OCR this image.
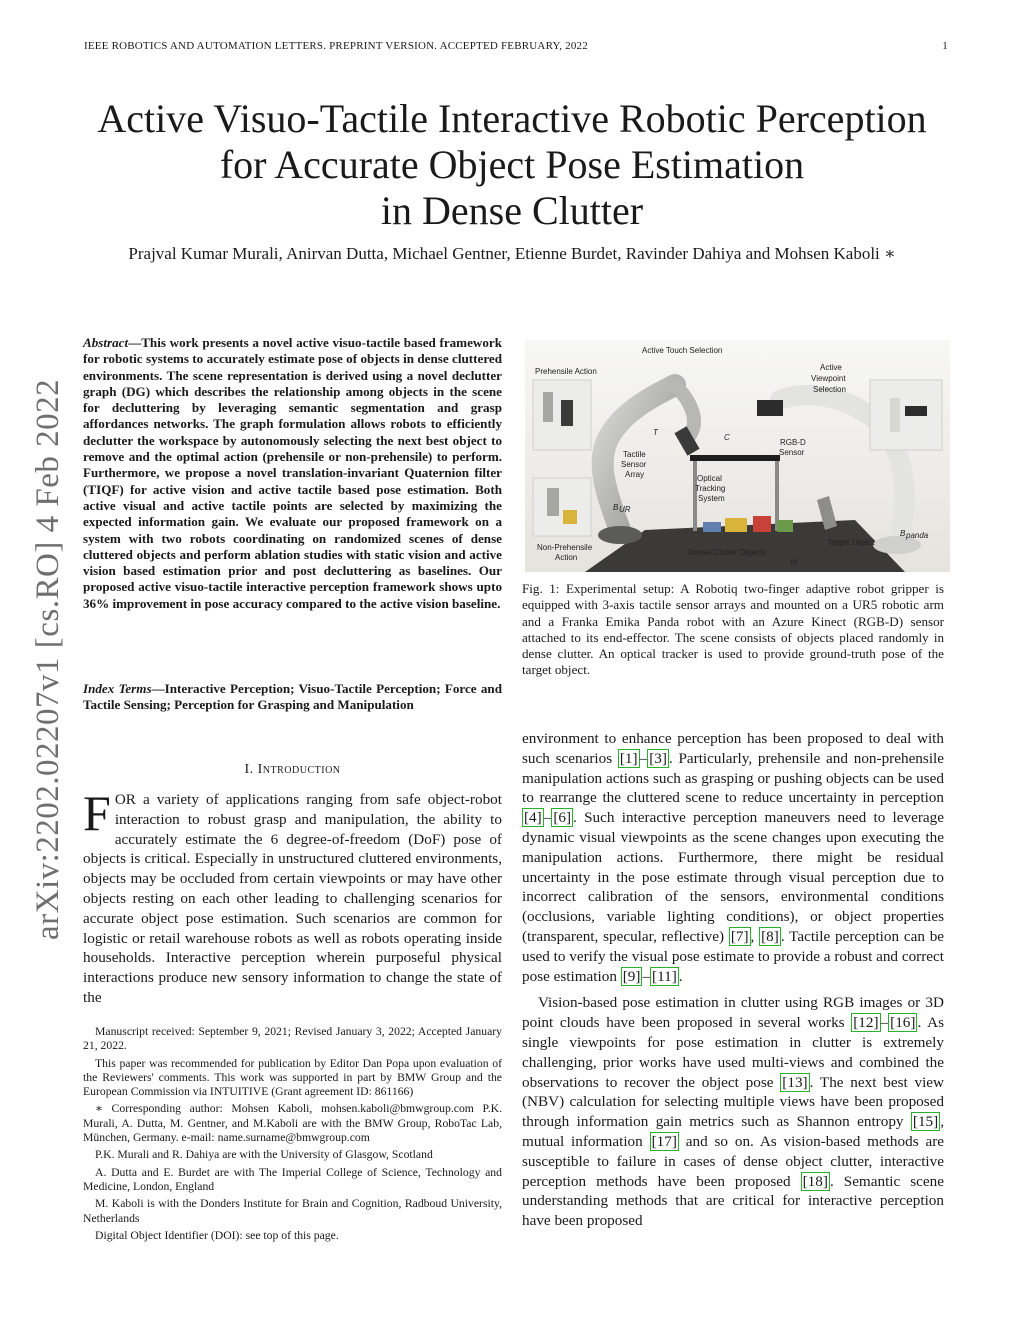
IEEE ROBOTICS AND AUTOMATION LETTERS. PREPRINT VERSION. ACCEPTED FEBRUARY, 2022	1
Active Visuo-Tactile Interactive Robotic Perception
for Accurate Object Pose Estimation
in Dense Clutter
Prajval Kumar Murali, Anirvan Dutta, Michael Gentner, Etienne Burdet, Ravinder Dahiya and Mohsen Kaboli ∗
arXiv:2202.02207v1 [cs.RO] 4 Feb 2022
Abstract—This work presents a novel active visuo-tactile based framework for robotic systems to accurately estimate pose of objects in dense cluttered environments. The scene representation is derived using a novel declutter graph (DG) which describes the relationship among objects in the scene for decluttering by leveraging semantic segmentation and grasp affordances networks. The graph formulation allows robots to efficiently declutter the workspace by autonomously selecting the next best object to remove and the optimal action (prehensile or non-prehensile) to perform. Furthermore, we propose a novel translation-invariant Quaternion filter (TIQF) for active vision and active tactile based pose estimation. Both active visual and active tactile points are selected by maximizing the expected information gain. We evaluate our proposed framework on a system with two robots coordinating on randomized scenes of dense cluttered objects and perform ablation studies with static vision and active vision based estimation prior and post decluttering as baselines. Our proposed active visuo-tactile interactive perception framework shows upto 36% improvement in pose accuracy compared to the active vision baseline.
Index Terms—Interactive Perception; Visuo-Tactile Perception; Force and Tactile Sensing; Perception for Grasping and Manipulation
I. Introduction
FOR a variety of applications ranging from safe object-robot interaction to robust grasp and manipulation, the ability to accurately estimate the 6 degree-of-freedom (DoF) pose of objects is critical. Especially in unstructured cluttered environments, objects may be occluded from certain viewpoints or may have other objects resting on each other leading to challenging scenarios for accurate object pose estimation. Such scenarios are common for logistic or retail warehouse robots as well as robots operating inside households. Interactive perception wherein purposeful physical interactions produce new sensory information to change the state of the

Manuscript received: September 9, 2021; Revised January 3, 2022; Accepted January 21, 2022.

This paper was recommended for publication by Editor Dan Popa upon evaluation of the Reviewers' comments. This work was supported in part by BMW Group and the European Commission via INTUITIVE (Grant agreement ID: 861166)

∗ Corresponding author: Mohsen Kaboli, mohsen.kaboli@bmwgroup.com P.K. Murali, A. Dutta, M. Gentner, and M.Kaboli are with the BMW Group, RoboTac Lab, München, Germany. e-mail: name.surname@bmwgroup.com

P.K. Murali and R. Dahiya are with the University of Glasgow, Scotland

A. Dutta and E. Burdet are with The Imperial College of Science, Technology and Medicine, London, England

M. Kaboli is with the Donders Institute for Brain and Cognition, Radboud University, Netherlands

Digital Object Identifier (DOI): see top of this page.

Active Touch Selection
Prehensile Action	Active
Viewpoint
Selection
Tactile
Sensor
Array
RGB-D
Sensor
Optical
Tracking
System
Non-Prehensile
Action
Dense Clutter Objects
Target Object
W
C
T
B UR
B panda
Fig. 1: Experimental setup: A Robotiq two-finger adaptive robot gripper is equipped with 3-axis tactile sensor arrays and mounted on a UR5 robotic arm and a Franka Emika Panda robot with an Azure Kinect (RGB-D) sensor attached to its end-effector. The scene consists of objects placed randomly in dense clutter. An optical tracker is used to provide ground-truth pose of the target object.

environment to enhance perception has been proposed to deal with such scenarios [1] – [3] . Particularly, prehensile and non-prehensile manipulation actions such as grasping or pushing objects can be used to rearrange the cluttered scene to reduce uncertainty in perception [4] – [6] . Such interactive perception maneuvers need to leverage dynamic visual viewpoints as the scene changes upon executing the manipulation actions. Furthermore, there might be residual uncertainty in the pose estimate through visual perception due to incorrect calibration of the sensors, environmental conditions (occlusions, variable lighting conditions), or object properties (transparent, specular, reflective) [7] , [8] . Tactile perception can be used to verify the visual pose estimate to provide a robust and correct pose estimation [9] – [11] .

Vision-based pose estimation in clutter using RGB images or 3D point clouds have been proposed in several works [12] – [16] . As single viewpoints for pose estimation in clutter is extremely challenging, prior works have used multi-views and combined the observations to recover the object pose [13] . The next best view (NBV) calculation for selecting multiple views have been proposed through information gain metrics such as Shannon entropy [15] , mutual information [17] and so on. As vision-based methods are susceptible to failure in cases of dense object clutter, interactive perception methods have been proposed [18] . Semantic scene understanding methods that are critical for interactive perception have been proposed
